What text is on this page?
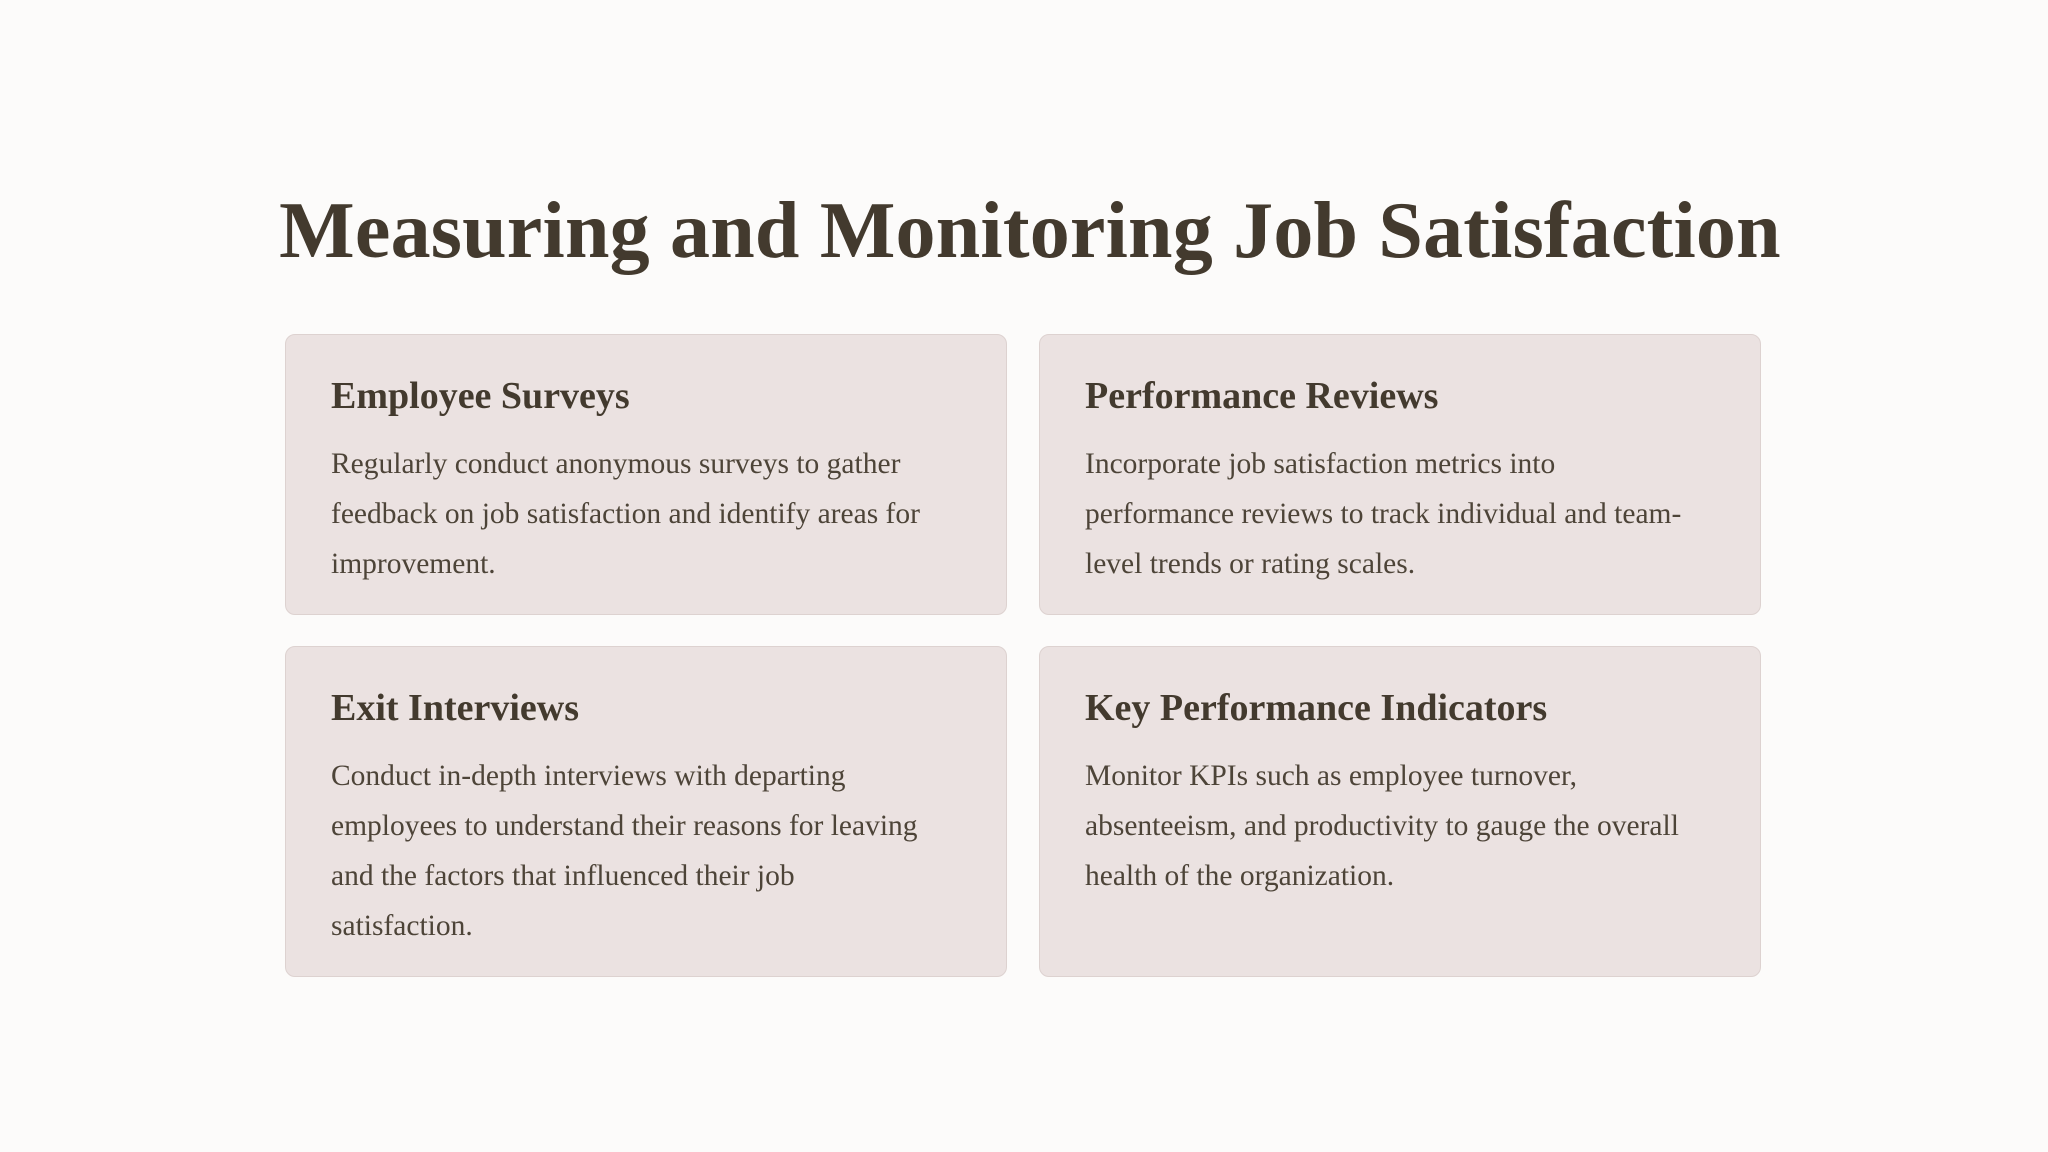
Measuring and Monitoring Job Satisfaction
Employee Surveys

Regularly conduct anonymous surveys to gather
feedback on job satisfaction and identify areas for
improvement.

Performance Reviews

Incorporate job satisfaction metrics into
performance reviews to track individual and team-
level trends or rating scales.

Exit Interviews

Conduct in-depth interviews with departing
employees to understand their reasons for leaving
and the factors that influenced their job
satisfaction.

Key Performance Indicators

Monitor KPIs such as employee turnover,
absenteeism, and productivity to gauge the overall
health of the organization.
